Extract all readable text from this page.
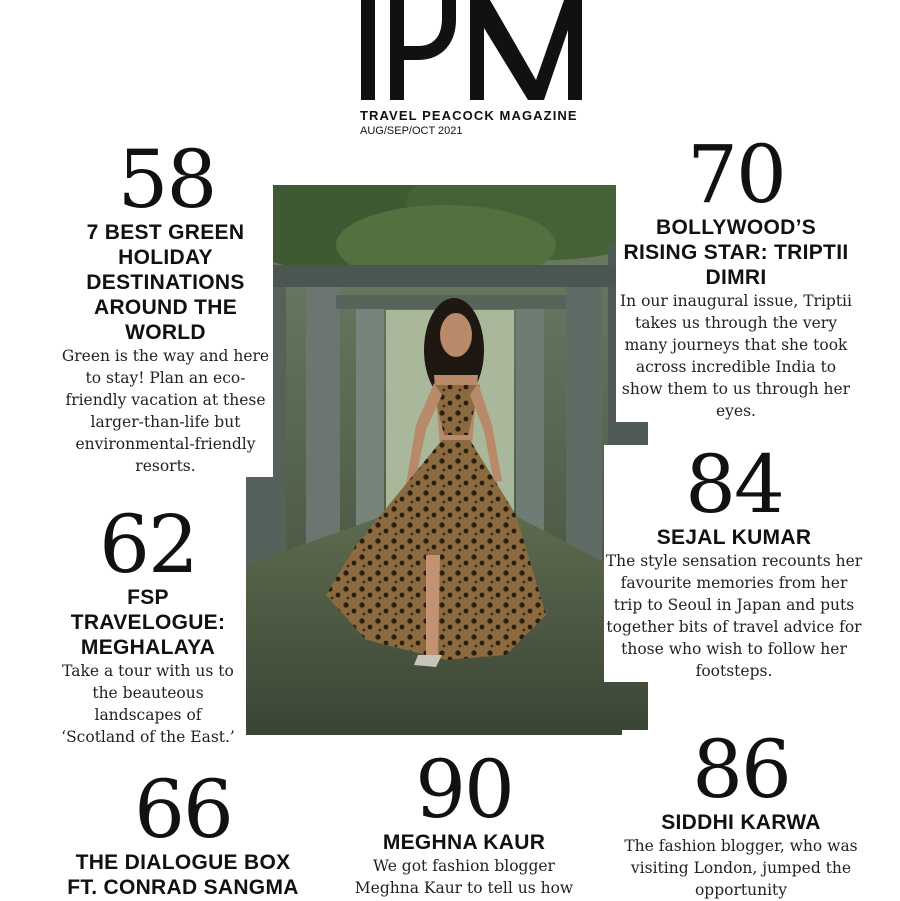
TRAVEL PEACOCK MAGAZINE
AUG/SEP/OCT 2021
58
7 BEST GREEN HOLIDAY DESTINATIONS AROUND THE WORLD
Green is the way and here to stay! Plan an eco-friendly vacation at these larger-than-life but environmental-friendly resorts.
62
FSP TRAVELOGUE: MEGHALAYA
Take a tour with us to the beauteous landscapes of ‘Scotland of the East.’
66
THE DIALOGUE BOX FT. CONRAD SANGMA
70
BOLLYWOOD’S RISING STAR: TRIPTII DIMRI
In our inaugural issue, Triptii takes us through the very many journeys that she took across incredible India to show them to us through her eyes.
84
SEJAL KUMAR
The style sensation recounts her favourite memories from her trip to Seoul in Japan and puts together bits of travel advice for those who wish to follow her footsteps.
90
MEGHNA KAUR
We got fashion blogger Meghna Kaur to tell us how
86
SIDDHI KARWA
The fashion blogger, who was visiting London, jumped the opportunity
